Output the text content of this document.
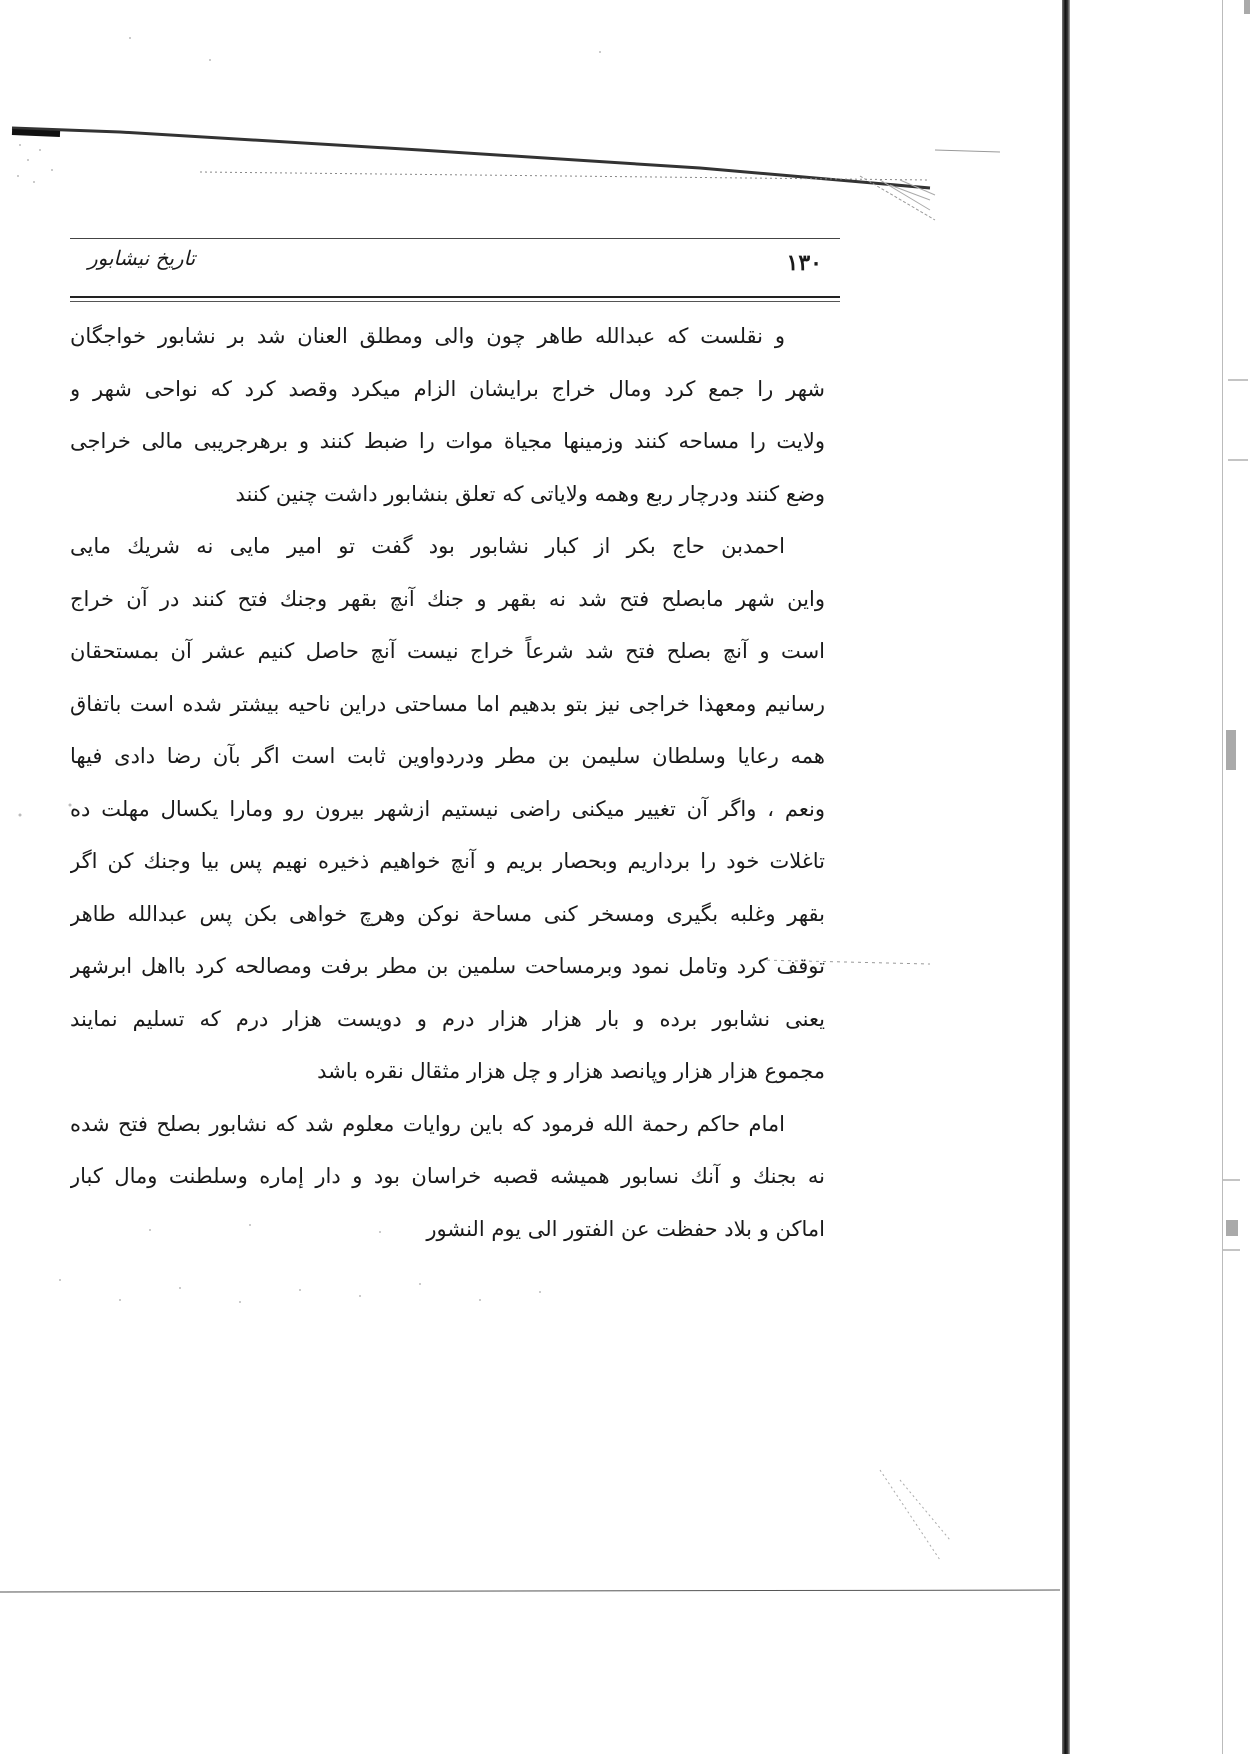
۱۳۰
تاریخ نیشابور
و نقلست که عبدالله طاهر چون والی ومطلق العنان شد بر نشابور خواجگان
شهر را جمع کرد ومال خراج برایشان الزام میکرد وقصد کرد که نواحی شهر و
ولایت را مساحه کنند وزمینها مجیاة موات را ضبط کنند و برهرجریبی مالی خراجی
وضع کنند ودرچار ربع وهمه ولایاتی که تعلق بنشابور داشت چنین کنند
احمدبن حاج بکر از کبار نشابور بود گفت تو امیر مایی نه شریك مایی
واین شهر مابصلح فتح شد نه بقهر و جنك آنچ بقهر وجنك فتح کنند در آن خراج
است و آنچ بصلح فتح شد شرعاً خراج نیست آنچ حاصل کنیم عشر آن بمستحقان
رسانیم ومعهذا خراجی نیز بتو بدهیم اما مساحتی دراین ناحیه بیشتر شده است باتفاق
همه رعایا وسلطان سلیمن بن مطر ودردواوین ثابت است اگر بآن رضا دادی فیها
ونعم ، واگر آن تغییر میکنی راضی نیستیم ازشهر بیرون رو ومارا یکسال مهلت ده
تاغلات خود را برداریم وبحصار بریم و آنچ خواهیم ذخیره نهیم پس بیا وجنك کن اگر
بقهر وغلبه بگیری ومسخر کنی مساحة نوکن وهرچ خواهی بکن پس عبدالله طاهر
توقف کرد وتامل نمود وبرمساحت سلمین بن مطر برفت ومصالحه کرد بااهل ابرشهر
یعنی نشابور برده و بار هزار هزار درم و دویست هزار درم که تسلیم نمایند
مجموع هزار هزار وپانصد هزار و چل هزار مثقال نقره باشد
امام حاکم رحمة الله فرمود که باین روایات معلوم شد که نشابور بصلح فتح شده
نه بجنك و آنك نسابور همیشه قصبه خراسان بود و دار إماره وسلطنت ومال کبار
اماکن و بلاد حفظت عن الفتور الی یوم النشور
